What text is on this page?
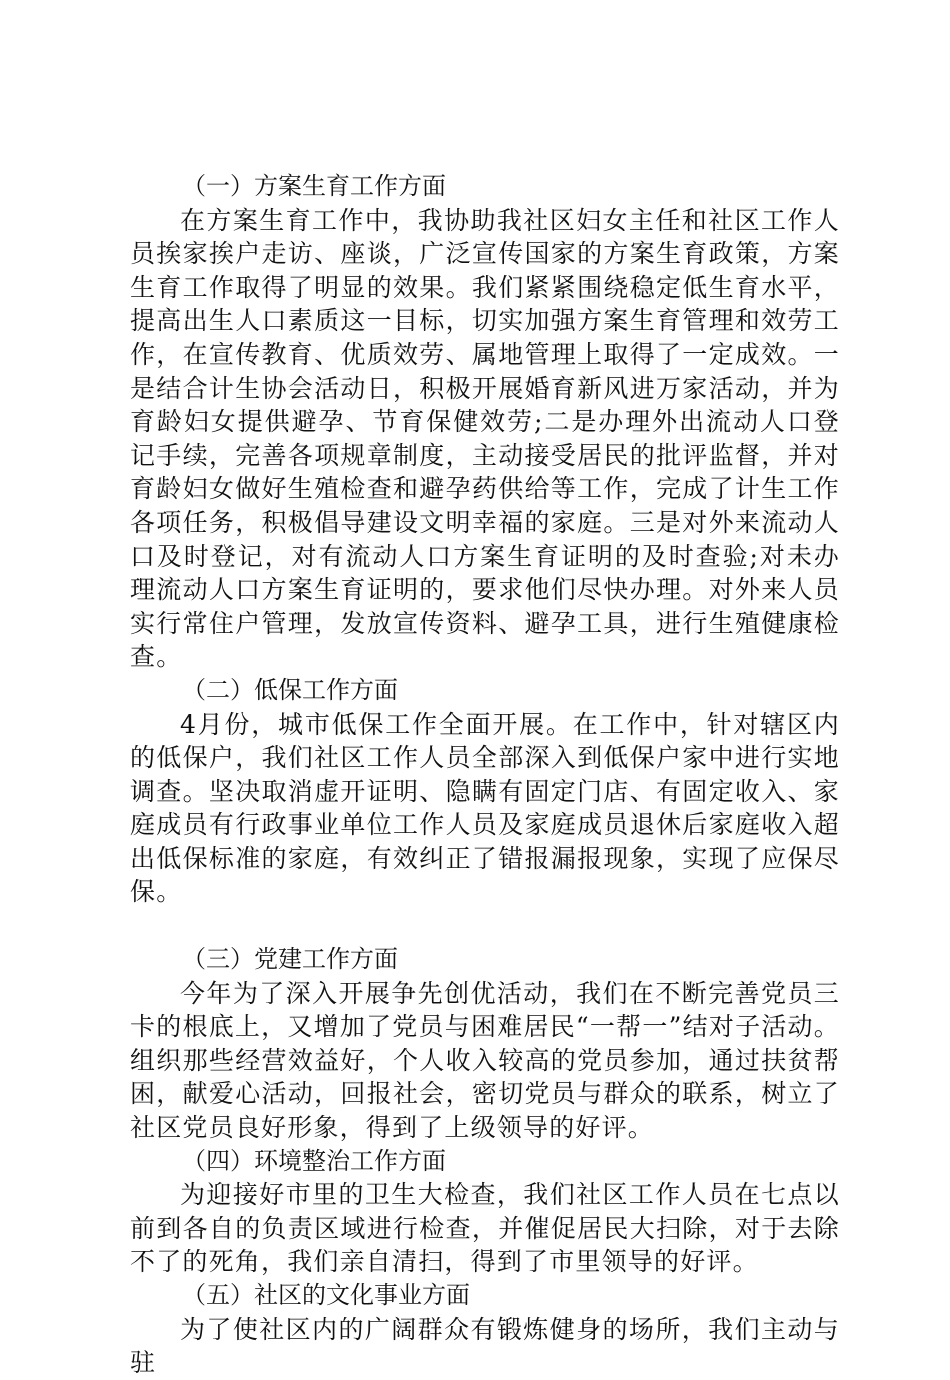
（一）方案生育工作方面

在方案生育工作中，我协助我社区妇女主任和社区工作人员挨家挨户走访、座谈，广泛宣传国家的方案生育政策，方案生育工作取得了明显的效果。我们紧紧围绕稳定低生育水平，提高出生人口素质这一目标，切实加强方案生育管理和效劳工作，在宣传教育、优质效劳、属地管理上取得了一定成效。一是结合计生协会活动日，积极开展婚育新风进万家活动，并为育龄妇女提供避孕、节育保健效劳;二是办理外出流动人口登记手续，完善各项规章制度，主动接受居民的批评监督，并对育龄妇女做好生殖检查和避孕药供给等工作，完成了计生工作各项任务，积极倡导建设文明幸福的家庭。三是对外来流动人口及时登记，对有流动人口方案生育证明的及时查验;对未办理流动人口方案生育证明的，要求他们尽快办理。对外来人员实行常住户管理，发放宣传资料、避孕工具，进行生殖健康检查。

（二）低保工作方面

4月份，城市低保工作全面开展。在工作中，针对辖区内的低保户，我们社区工作人员全部深入到低保户家中进行实地调查。坚决取消虚开证明、隐瞒有固定门店、有固定收入、家庭成员有行政事业单位工作人员及家庭成员退休后家庭收入超出低保标准的家庭，有效纠正了错报漏报现象，实现了应保尽保。

（三）党建工作方面

今年为了深入开展争先创优活动，我们在不断完善党员三卡的根底上，又增加了党员与困难居民“一帮一”结对子活动。组织那些经营效益好，个人收入较高的党员参加，通过扶贫帮困，献爱心活动，回报社会，密切党员与群众的联系，树立了社区党员良好形象，得到了上级领导的好评。

（四）环境整治工作方面

为迎接好市里的卫生大检查，我们社区工作人员在七点以前到各自的负责区域进行检查，并催促居民大扫除，对于去除不了的死角，我们亲自清扫，得到了市里领导的好评。

（五）社区的文化事业方面

为了使社区内的广阔群众有锻炼健身的场所，我们主动与驻
